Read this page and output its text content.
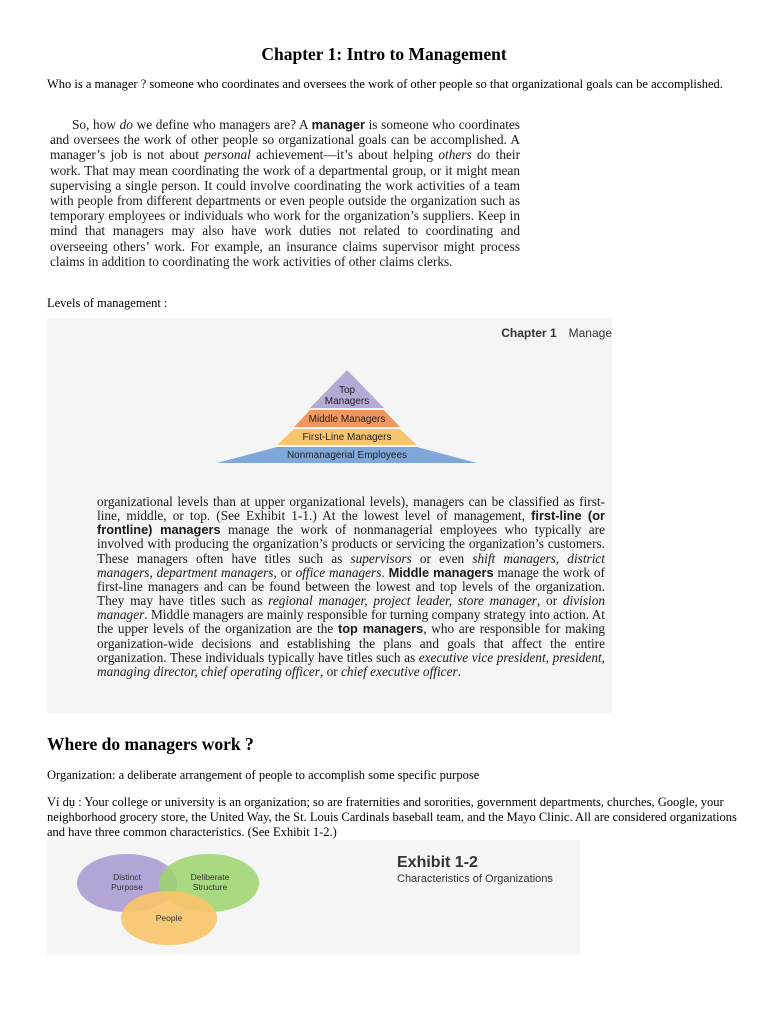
Chapter 1: Intro to Management
Who is a manager ? someone who coordinates and oversees the work of other people so that organizational goals can be accomplished.
So, how do we define who managers are? A manager is someone who coordinates and oversees the work of other people so organizational goals can be accomplished. A manager’s job is not about personal achievement—it’s about helping others do their work. That may mean coordinating the work of a departmental group, or it might mean supervising a single person. It could involve coordinating the work activities of a team with people from different departments or even people outside the organization such as temporary employees or individuals who work for the organization’s suppliers. Keep in mind that managers may also have work duties not related to coordinating and overseeing others’ work. For example, an insurance claims supervisor might process claims in addition to coordinating the work activities of other claims clerks.
Levels of management :
Chapter 1 Manage
Top
Managers
Middle Managers
First-Line Managers
Nonmanagerial Employees
organizational levels than at upper organizational levels), managers can be classified as first-line, middle, or top. (See Exhibit 1-1.) At the lowest level of management, first-line (or frontline) managers manage the work of nonmanagerial employees who typically are involved with producing the organization’s products or servicing the organization’s customers. These managers often have titles such as supervisors or even shift managers, district managers, department managers, or office managers. Middle managers manage the work of first-line managers and can be found between the lowest and top levels of the organization. They may have titles such as regional manager, project leader, store manager, or division manager. Middle managers are mainly responsible for turning company strategy into action. At the upper levels of the organization are the top managers, who are responsible for making organization-wide decisions and establishing the plans and goals that affect the entire organization. These individuals typically have titles such as executive vice president, president, managing director, chief operating officer, or chief executive officer.
Where do managers work ?
Organization: a deliberate arrangement of people to accomplish some specific purpose
Ví dụ : Your college or university is an organization; so are fraternities and sororities, government departments, churches, Google, your neighborhood grocery store, the United Way, the St. Louis Cardinals baseball team, and the Mayo Clinic. All are considered organizations and have three common characteristics. (See Exhibit 1-2.)
Distinct
Purpose
Deliberate
Structure
People
Exhibit 1-2
Characteristics of Organizations
